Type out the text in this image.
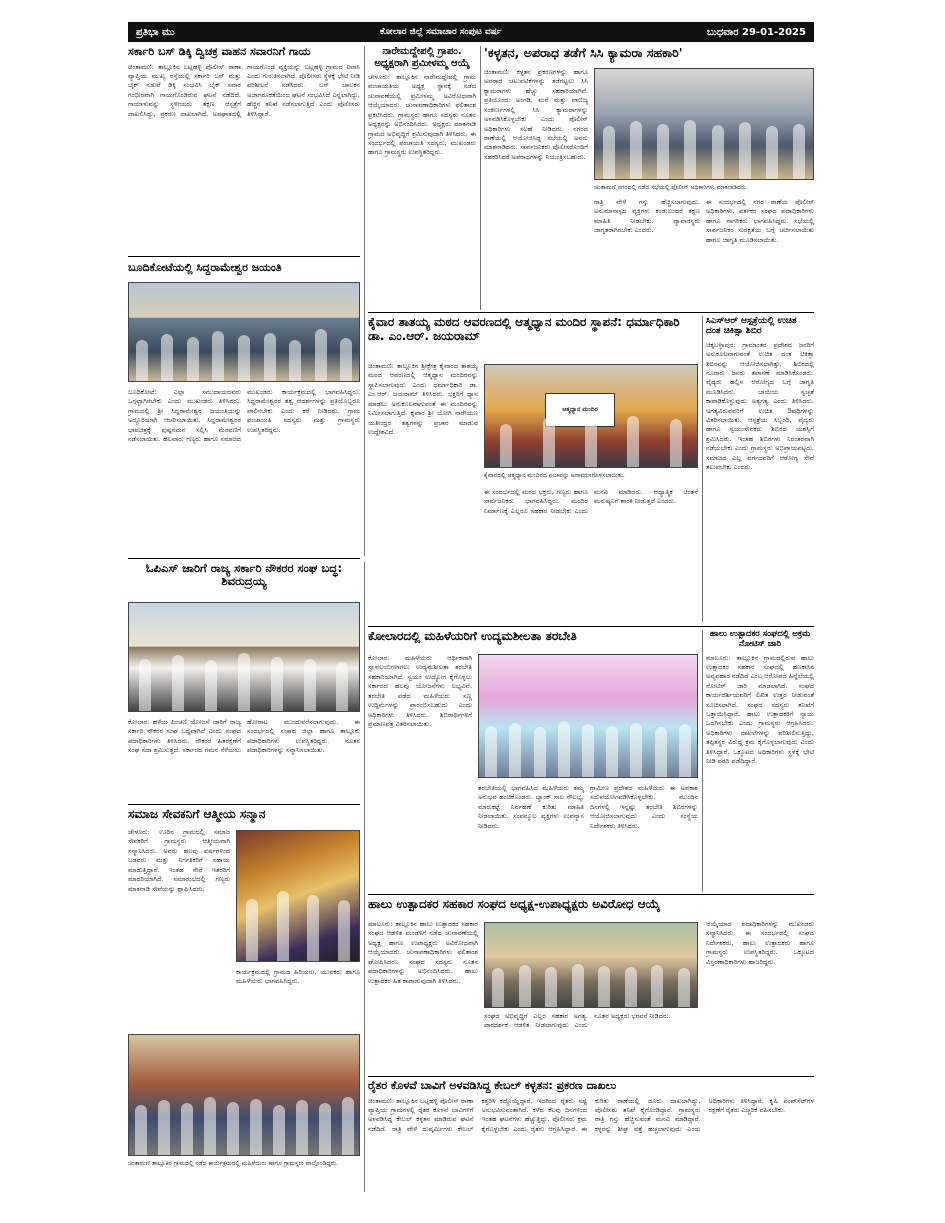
ಪ್ರತಿಭಾ ಮು	ಕೋಲಾರ ಜಿಲ್ಲೆ ಸಮಾಚಾರ ಸಂಪುಟ ವರ್ಷ	ಬುಧವಾರ 29-01-2025
ಸರ್ಕಾರಿ ಬಸ್ ಡಿಕ್ಕಿ ದ್ವಿಚಕ್ರ ವಾಹನ ಸವಾರನಿಗೆ ಗಾಯ
ಚಿಂತಾಮಣಿ: ತಾಲ್ಲೂಕಿನ ಬಟ್ಲಹಳ್ಳಿ ಪೊಲೀಸ್ ಠಾಣಾ ವ್ಯಾಪ್ತಿಯ ಮುಖ್ಯ ರಸ್ತೆಯಲ್ಲಿ ಸರ್ಕಾರಿ ಬಸ್ ಮತ್ತು ಬೈಕ್ ನಡುವೆ ಡಿಕ್ಕಿ ಸಂಭವಿಸಿ ಬೈಕ್ ಸವಾರ ಗಂಭೀರವಾಗಿ ಗಾಯಗೊಂಡಿರುವ ಘಟನೆ ನಡೆದಿದೆ. ಗಾಯಾಳುವನ್ನು ಸ್ಥಳೀಯರು ತಕ್ಷಣ ಆಸ್ಪತ್ರೆಗೆ ದಾಖಲಿಸಿದ್ದು, ಪ್ರಕರಣ ದಾಖಲಾಗಿದೆ. ಅಪಘಾತದಲ್ಲಿ ಗಾಯಗೊಂಡ ವ್ಯಕ್ತಿಯನ್ನು ಬಟ್ಲಹಳ್ಳಿ ಗ್ರಾಮದ ನಿವಾಸಿ ಎಂದು ಗುರುತಿಸಲಾಗಿದೆ. ಪೊಲೀಸರು ಸ್ಥಳಕ್ಕೆ ಭೇಟಿ ನೀಡಿ ಪರಿಶೀಲನೆ ನಡೆಸಿದರು. ಬಸ್ ಚಾಲಕನ ಅಜಾಗರೂಕತೆಯಿಂದ ಘಟನೆ ಸಂಭವಿಸಿದೆ ಎನ್ನಲಾಗಿದ್ದು, ಹೆಚ್ಚಿನ ತನಿಖೆ ನಡೆಸಲಾಗುತ್ತಿದೆ ಎಂದು ಪೊಲೀಸರು ತಿಳಿಸಿದ್ದಾರೆ.
ಬೂದಿಕೋಟೆಯಲ್ಲಿ ಸಿದ್ದರಾಮೇಶ್ವರ ಜಯಂತಿ
ಬೂದಿಕೋಟೆ: ಎಲ್ಲಾ ಸಮುದಾಯದವರು ಒಗ್ಗಟ್ಟಾಗಿರಬೇಕು ಎಂದು ಮುಖಂಡರು ತಿಳಿಸಿದರು. ಗ್ರಾಮದಲ್ಲಿ ಶ್ರೀ ಸಿದ್ದರಾಮೇಶ್ವರ ಜಯಂತಿಯನ್ನು ಅದ್ದೂರಿಯಾಗಿ ಆಚರಿಸಲಾಯಿತು. ಸಿದ್ದರಾಮೇಶ್ವರರ ಭಾವಚಿತ್ರಕ್ಕೆ ಪುಷ್ಪನಮನ ಸಲ್ಲಿಸಿ ಮೆರವಣಿಗೆ ನಡೆಸಲಾಯಿತು. ಹಲವಾರು ಗಣ್ಯರು ಹಾಗೂ ಸಮಾಜದ ಮುಖಂಡರು ಕಾರ್ಯಕ್ರಮದಲ್ಲಿ ಭಾಗವಹಿಸಿದ್ದರು. ಸಿದ್ದರಾಮೇಶ್ವರರ ತತ್ವ ಆದರ್ಶಗಳನ್ನು ಪ್ರತಿಯೊಬ್ಬರೂ ಪಾಲಿಸಬೇಕು ಎಂದು ಕರೆ ನೀಡಿದರು. ಗ್ರಾಮ ಪಂಚಾಯತಿ ಸದಸ್ಯರು ಮತ್ತು ಗ್ರಾಮಸ್ಥರು ಉಪಸ್ಥಿತರಿದ್ದರು.
ಓಪಿಎಸ್ ಜಾರಿಗೆ ರಾಜ್ಯ ಸರ್ಕಾರಿ ನೌಕರರ ಸಂಘ ಬದ್ಧ: ಶಿವರುದ್ರಯ್ಯ
ಕೋಲಾರ: ಹಳೆಯ ಪಿಂಚಣಿ ಯೋಜನೆ ಜಾರಿಗೆ ರಾಜ್ಯ ಸರ್ಕಾರಿ ನೌಕರರ ಸಂಘ ಬದ್ಧವಾಗಿದೆ ಎಂದು ಸಂಘದ ಪದಾಧಿಕಾರಿಗಳು ತಿಳಿಸಿದರು. ನೌಕರರ ಹಿತರಕ್ಷಣೆಗೆ ಸಂಘ ಸದಾ ಶ್ರಮಿಸುತ್ತದೆ. ಸರ್ಕಾರದ ಗಮನ ಸೆಳೆಯಲು ಹೋರಾಟ ಮುಂದುವರೆಸಲಾಗುವುದು. ಈ ಸಂದರ್ಭದಲ್ಲಿ ಸಂಘದ ಜಿಲ್ಲಾ ಹಾಗೂ ತಾಲ್ಲೂಕು ಪದಾಧಿಕಾರಿಗಳು ಉಪಸ್ಥಿತರಿದ್ದರು. ನೂತನ ಪದಾಧಿಕಾರಿಗಳನ್ನು ಸನ್ಮಾನಿಸಲಾಯಿತು.
ಸಮಾಜ ಸೇವಕನಿಗೆ ಆತ್ಮೀಯ ಸನ್ಮಾನ
ಚೇಳೂರು: ಊರಿನ ಗ್ರಾಮದಲ್ಲಿ ಸಮಾಜ ಸೇವಕರಿಗೆ ಗ್ರಾಮಸ್ಥರು ಆತ್ಮೀಯವಾಗಿ ಸನ್ಮಾನಿಸಿದರು. ಅವರು ಹಲವು ವರ್ಷಗಳಿಂದ ಬಡವರು ಮತ್ತು ನಿರ್ಗತಿಕರಿಗೆ ಸಹಾಯ ಮಾಡುತ್ತಿದ್ದಾರೆ. ಇಂತಹ ಸೇವೆ ಇತರರಿಗೆ ಮಾದರಿಯಾಗಿದೆ. ಸಮಾರಂಭದಲ್ಲಿ ಗಣ್ಯರು ಮಾತನಾಡಿ ಸೇವೆಯನ್ನು ಶ್ಲಾಘಿಸಿದರು.
ಕಾರ್ಯಕ್ರಮದಲ್ಲಿ ಗ್ರಾಮದ ಹಿರಿಯರು, ಯುವಕರು ಹಾಗೂ ಮಹಿಳೆಯರು ಭಾಗವಹಿಸಿದ್ದರು.
ಚಿಂತಾಮಣಿ ತಾಲ್ಲೂಕಿನ ಗ್ರಾಮದಲ್ಲಿ ನಡೆದ ಕಾರ್ಯಕ್ರಮದಲ್ಲಿ ಮಹಿಳೆಯರು ಹಾಗೂ ಗ್ರಾಮಸ್ಥರು ಪಾಲ್ಗೊಂಡಿದ್ದರು.
ನಾರೇಮದ್ದೇಪಲ್ಲಿ ಗ್ರಾಪಂ. ಅಧ್ಯಕ್ಷರಾಗಿ ಪ್ರಮೀಳಮ್ಮ ಆಯ್ಕೆ
ಚೇಳೂರು: ತಾಲ್ಲೂಕಿನ ನಾರೇಮದ್ದೇಪಲ್ಲಿ ಗ್ರಾಮ ಪಂಚಾಯತಿಯ ಅಧ್ಯಕ್ಷ ಸ್ಥಾನಕ್ಕೆ ನಡೆದ ಚುನಾವಣೆಯಲ್ಲಿ ಪ್ರಮೀಳಮ್ಮ ಅವಿರೋಧವಾಗಿ ಆಯ್ಕೆಯಾದರು. ಚುನಾವಣಾಧಿಕಾರಿಗಳು ಫಲಿತಾಂಶ ಪ್ರಕಟಿಸಿದರು. ಗ್ರಾಮಸ್ಥರು ಹಾಗೂ ಸದಸ್ಯರು ನೂತನ ಅಧ್ಯಕ್ಷರನ್ನು ಅಭಿನಂದಿಸಿದರು. ಅಧ್ಯಕ್ಷರು ಮಾತನಾಡಿ ಗ್ರಾಮದ ಅಭಿವೃದ್ಧಿಗೆ ಶ್ರಮಿಸುವುದಾಗಿ ತಿಳಿಸಿದರು. ಈ ಸಂದರ್ಭದಲ್ಲಿ ಪಂಚಾಯತಿ ಸದಸ್ಯರು, ಮುಖಂಡರು ಹಾಗೂ ಗ್ರಾಮಸ್ಥರು ಉಪಸ್ಥಿತರಿದ್ದರು.
'ಕಳ್ಳತನ, ಅಪರಾಧ ತಡೆಗೆ ಸಿಸಿ ಕ್ಯಾಮರಾ ಸಹಕಾರಿ'
ಚಿಂತಾಮಣಿ: ಕಳ್ಳತನ ಪ್ರಕರಣಗಳನ್ನು ಹಾಗೂ ಅಪರಾಧ ಚಟುವಟಿಕೆಗಳನ್ನು ತಡೆಗಟ್ಟಲು ಸಿಸಿ ಕ್ಯಾಮರಾಗಳು ಹೆಚ್ಚು ಸಹಕಾರಿಯಾಗಿವೆ. ಪ್ರತಿಯೊಂದು ಅಂಗಡಿ, ಮನೆ ಮತ್ತು ವಾಣಿಜ್ಯ ಸಂಕೀರ್ಣಗಳಲ್ಲಿ ಸಿಸಿ ಕ್ಯಾಮರಾಗಳನ್ನು ಅಳವಡಿಸಿಕೊಳ್ಳಬೇಕು ಎಂದು ಪೊಲೀಸ್ ಅಧಿಕಾರಿಗಳು ಸಲಹೆ ನೀಡಿದರು. ನಗರದ ಠಾಣೆಯಲ್ಲಿ ಆಯೋಜಿಸಿದ್ದ ಸಭೆಯಲ್ಲಿ ಅವರು ಮಾತನಾಡಿದರು. ಸಾರ್ವಜನಿಕರು ಪೊಲೀಸರೊಂದಿಗೆ ಸಹಕರಿಸಿದರೆ ಅಪರಾಧಗಳನ್ನು ನಿಯಂತ್ರಿಸಬಹುದು.
ಚಿಂತಾಮಣಿ ನಗರದಲ್ಲಿ ನಡೆದ ಸಭೆಯಲ್ಲಿ ಪೊಲೀಸ್ ಅಧಿಕಾರಿಗಳು ಮಾತನಾಡಿದರು.
ರಾತ್ರಿ ವೇಳೆ ಗಸ್ತು ಹೆಚ್ಚಿಸಲಾಗುವುದು. ಅನುಮಾನಾಸ್ಪದ ವ್ಯಕ್ತಿಗಳು ಕಂಡುಬಂದರೆ ತಕ್ಷಣ ಮಾಹಿತಿ ನೀಡಬೇಕು. ವ್ಯಾಪಾರಸ್ಥರು ಜಾಗೃತರಾಗಿರಬೇಕು ಎಂದರು.
ಈ ಸಂದರ್ಭದಲ್ಲಿ ನಗರ ಠಾಣೆಯ ಪೊಲೀಸ್ ಅಧಿಕಾರಿಗಳು, ವರ್ತಕರ ಸಂಘದ ಪದಾಧಿಕಾರಿಗಳು ಹಾಗೂ ನಾಗರಿಕರು ಭಾಗವಹಿಸಿದ್ದರು. ಸಭೆಯಲ್ಲಿ ಸಾರ್ವಜನಿಕರ ಸುರಕ್ಷತೆಯ ಬಗ್ಗೆ ಚರ್ಚಿಸಲಾಯಿತು ಹಾಗೂ ಜಾಗೃತಿ ಮೂಡಿಸಲಾಯಿತು.
ಕೈವಾರ ತಾತಯ್ಯ ಮಠದ ಆವರಣದಲ್ಲಿ ಆತ್ಮಧ್ಯಾನ ಮಂದಿರ ಸ್ಥಾಪನೆ: ಧರ್ಮಾಧಿಕಾರಿ ಡಾ. ಎಂ.ಆರ್. ಜಯರಾಮ್
ಚಿಂತಾಮಣಿ: ತಾಲ್ಲೂಕಿನ ಶ್ರೀಕ್ಷೇತ್ರ ಕೈವಾರದ ತಾತಯ್ಯ ಮಠದ ಆವರಣದಲ್ಲಿ ಆತ್ಮಧ್ಯಾನ ಮಂದಿರವನ್ನು ಸ್ಥಾಪಿಸಲಾಗುವುದು ಎಂದು ಧರ್ಮಾಧಿಕಾರಿ ಡಾ. ಎಂ.ಆರ್. ಜಯರಾಮ್ ತಿಳಿಸಿದರು. ಭಕ್ತರಿಗೆ ಧ್ಯಾನ ಮಾಡಲು ಅನುಕೂಲವಾಗುವಂತೆ ಈ ಮಂದಿರವನ್ನು ನಿರ್ಮಿಸಲಾಗುತ್ತಿದೆ. ಕೈವಾರ ಶ್ರೀ ಯೋಗಿ ನಾರೇಯಣ ಯತೀಂದ್ರರ ತತ್ವಗಳನ್ನು ಪ್ರಚಾರ ಮಾಡುವ ಉದ್ದೇಶವಿದೆ.
ಆತ್ಮಧ್ಯಾನ ಮಂದಿರ
ಕೈವಾರದಲ್ಲಿ ಆತ್ಮಧ್ಯಾನ ಮಂದಿರದ ಫಲಕವನ್ನು ಅನಾವರಣಗೊಳಿಸಲಾಯಿತು.
ಈ ಸಂದರ್ಭದಲ್ಲಿ ಮಠದ ಭಕ್ತರು, ಗಣ್ಯರು ಹಾಗೂ ಸಾರ್ವಜನಿಕರು ಭಾಗವಹಿಸಿದ್ದರು. ಮಂದಿರ ನಿರ್ಮಾಣಕ್ಕೆ ಎಲ್ಲರೂ ಸಹಕಾರ ನೀಡಬೇಕು ಎಂದು ಮನವಿ ಮಾಡಿದರು. ಆಧ್ಯಾತ್ಮಿಕ ಚಿಂತನೆ ಮನುಷ್ಯನಿಗೆ ಶಾಂತಿ ನೀಡುತ್ತದೆ ಎಂದರು.
ಸಿಎಸ್ಆರ್ ಆಸ್ಪತ್ರೆಯಲ್ಲಿ ಉಚಿತ ದಂತ ಚಿಕಿತ್ಸಾ ಶಿಬಿರ
ಚಿಕ್ಕಬಳ್ಳಾಪುರ: ಗ್ರಾಮಾಂತರ ಪ್ರದೇಶದ ಜನರಿಗೆ ಅನುಕೂಲವಾಗುವಂತೆ ಉಚಿತ ದಂತ ಚಿಕಿತ್ಸಾ ಶಿಬಿರವನ್ನು ಆಯೋಜಿಸಲಾಗಿತ್ತು. ಶಿಬಿರದಲ್ಲಿ ನೂರಾರು ಜನರು ತಪಾಸಣೆ ಮಾಡಿಸಿಕೊಂಡರು. ವೈದ್ಯರು ಹಲ್ಲಿನ ಆರೋಗ್ಯದ ಬಗ್ಗೆ ಜಾಗೃತಿ ಮೂಡಿಸಿದರು. ಬಾಯಿಯ ಸ್ವಚ್ಛತೆ ಕಾಪಾಡಿಕೊಳ್ಳುವುದು ಅತ್ಯಗತ್ಯ ಎಂದು ತಿಳಿಸಿದರು. ಅಗತ್ಯವಿರುವವರಿಗೆ ಉಚಿತ ಔಷಧಿಗಳನ್ನು ವಿತರಿಸಲಾಯಿತು. ಆಸ್ಪತ್ರೆಯ ಸಿಬ್ಬಂದಿ, ವೈದ್ಯರು ಹಾಗೂ ಸ್ವಯಂಸೇವಕರು ಶಿಬಿರದ ಯಶಸ್ಸಿಗೆ ಶ್ರಮಿಸಿದರು. ಇಂತಹ ಶಿಬಿರಗಳು ನಿರಂತರವಾಗಿ ನಡೆಯಬೇಕು ಎಂದು ಗ್ರಾಮಸ್ಥರು ಅಭಿಪ್ರಾಯಪಟ್ಟರು. ಸಮಾಜದ ಎಲ್ಲ ವರ್ಗದವರಿಗೆ ಆರೋಗ್ಯ ಸೇವೆ ತಲುಪಬೇಕು ಎಂದರು.
ಕೋಲಾರದಲ್ಲಿ ಮಹಿಳೆಯರಿಗೆ ಉದ್ಯಮಶೀಲತಾ ತರಬೇತಿ
ಕೋಲಾರ: ಮಹಿಳೆಯರು ಆರ್ಥಿಕವಾಗಿ ಸ್ವಾವಲಂಬಿಗಳಾಗಲು ಉದ್ಯಮಶೀಲತಾ ತರಬೇತಿ ಸಹಕಾರಿಯಾಗಿದೆ. ಸ್ವಯಂ ಉದ್ಯೋಗ ಕೈಗೊಳ್ಳಲು ಸರ್ಕಾರದ ಹಲವು ಯೋಜನೆಗಳು ಲಭ್ಯವಿವೆ. ತರಬೇತಿ ಪಡೆದ ಮಹಿಳೆಯರು ಸಣ್ಣ ಉದ್ದಿಮೆಗಳನ್ನು ಪ್ರಾರಂಭಿಸಬಹುದು ಎಂದು ಅಧಿಕಾರಿಗಳು ತಿಳಿಸಿದರು. ಶಿಬಿರಾರ್ಥಿಗಳಿಗೆ ಪ್ರಮಾಣಪತ್ರ ವಿತರಿಸಲಾಯಿತು.
ತರಬೇತಿಯಲ್ಲಿ ಭಾಗವಹಿಸಿದ ಮಹಿಳೆಯರು ತಮ್ಮ ಅನುಭವ ಹಂಚಿಕೊಂಡರು. ಬ್ಯಾಂಕ್ ಸಾಲ ಸೌಲಭ್ಯ, ಮಾರುಕಟ್ಟೆ ನಿರ್ವಹಣೆ ಕುರಿತು ಮಾಹಿತಿ ನೀಡಲಾಯಿತು. ಸಂಪನ್ಮೂಲ ವ್ಯಕ್ತಿಗಳು ಉಪನ್ಯಾಸ ನೀಡಿದರು.
ಗ್ರಾಮೀಣ ಪ್ರದೇಶದ ಮಹಿಳೆಯರು ಈ ಅವಕಾಶ ಸದುಪಯೋಗಪಡಿಸಿಕೊಳ್ಳಬೇಕು. ಮುಂದಿನ ದಿನಗಳಲ್ಲಿ ಇನ್ನಷ್ಟು ತರಬೇತಿ ಶಿಬಿರಗಳನ್ನು ಆಯೋಜಿಸಲಾಗುವುದು ಎಂದು ಸಂಸ್ಥೆಯ ನಿರ್ದೇಶಕರು ತಿಳಿಸಿದರು.
ಹಾಲು ಉತ್ಪಾದಕರ ಸಂಘದಲ್ಲಿ ಅಕ್ರಮ ನೋಟಿಸ್ ಜಾರಿ
ಮಾಲೂರು: ತಾಲ್ಲೂಕಿನ ಗ್ರಾಮದಲ್ಲಿರುವ ಹಾಲು ಉತ್ಪಾದಕರ ಸಹಕಾರ ಸಂಘದಲ್ಲಿ ಹಣಕಾಸಿನ ಅವ್ಯವಹಾರ ನಡೆದಿದೆ ಎಂಬ ಆರೋಪದ ಹಿನ್ನೆಲೆಯಲ್ಲಿ ನೋಟಿಸ್ ಜಾರಿ ಮಾಡಲಾಗಿದೆ. ಸಂಘದ ಕಾರ್ಯದರ್ಶಿಯವರಿಗೆ ಲಿಖಿತ ಉತ್ತರ ನೀಡುವಂತೆ ಸೂಚಿಸಲಾಗಿದೆ. ಸಂಘದ ಸದಸ್ಯರು ತನಿಖೆಗೆ ಒತ್ತಾಯಿಸಿದ್ದಾರೆ. ಹಾಲು ಉತ್ಪಾದಕರಿಗೆ ನ್ಯಾಯ ಒದಗಿಸಬೇಕು ಎಂದು ಗ್ರಾಮಸ್ಥರು ಆಗ್ರಹಿಸಿದರು. ಅಧಿಕಾರಿಗಳು ದಾಖಲೆಗಳನ್ನು ಪರಿಶೀಲಿಸುತ್ತಿದ್ದು, ತಪ್ಪಿತಸ್ಥರ ವಿರುದ್ಧ ಕ್ರಮ ಕೈಗೊಳ್ಳಲಾಗುವುದು ಎಂದು ತಿಳಿಸಿದ್ದಾರೆ. ಒಕ್ಕೂಟದ ಅಧಿಕಾರಿಗಳು ಸ್ಥಳಕ್ಕೆ ಭೇಟಿ ನೀಡಿ ವರದಿ ಪಡೆದಿದ್ದಾರೆ.
ಹಾಲು ಉತ್ಪಾದಕರ ಸಹಕಾರ ಸಂಘದ ಅಧ್ಯಕ್ಷ-ಉಪಾಧ್ಯಕ್ಷರು ಅವಿರೋಧ ಆಯ್ಕೆ
ಮಾಲೂರು: ತಾಲ್ಲೂಕಿನ ಹಾಲು ಉತ್ಪಾದಕರ ಸಹಕಾರ ಸಂಘದ ಆಡಳಿತ ಮಂಡಳಿಗೆ ನಡೆದ ಚುನಾವಣೆಯಲ್ಲಿ ಅಧ್ಯಕ್ಷ ಹಾಗೂ ಉಪಾಧ್ಯಕ್ಷರು ಅವಿರೋಧವಾಗಿ ಆಯ್ಕೆಯಾದರು. ಚುನಾವಣಾಧಿಕಾರಿಗಳು ಫಲಿತಾಂಶ ಘೋಷಿಸಿದರು. ಸಂಘದ ಸದಸ್ಯರು ನೂತನ ಪದಾಧಿಕಾರಿಗಳನ್ನು ಅಭಿನಂದಿಸಿದರು. ಹಾಲು ಉತ್ಪಾದಕರ ಹಿತ ಕಾಪಾಡುವುದಾಗಿ ತಿಳಿಸಿದರು.
ಸಂಘದ ಅಭಿವೃದ್ಧಿಗೆ ಎಲ್ಲರ ಸಹಕಾರ ಅಗತ್ಯ. ಪಾರದರ್ಶಕ ಆಡಳಿತ ನೀಡಲಾಗುವುದು ಎಂದು ನೂತನ ಅಧ್ಯಕ್ಷರು ಭರವಸೆ ನೀಡಿದರು.
ಆಯ್ಕೆಯಾದ ಪದಾಧಿಕಾರಿಗಳನ್ನು ಮುಖಂಡರು ಸನ್ಮಾನಿಸಿದರು. ಈ ಸಂದರ್ಭದಲ್ಲಿ ಸಂಘದ ನಿರ್ದೇಶಕರು, ಹಾಲು ಉತ್ಪಾದಕರು ಹಾಗೂ ಗ್ರಾಮಸ್ಥರು ಉಪಸ್ಥಿತರಿದ್ದರು. ಒಕ್ಕೂಟದ ವಿಸ್ತರಣಾಧಿಕಾರಿಗಳು ಹಾಜರಿದ್ದರು.
ರೈತರ ಕೊಳವೆ ಬಾವಿಗೆ ಅಳವಡಿಸಿದ್ದ ಕೇಬಲ್ ಕಳ್ಳತನ: ಪ್ರಕರಣ ದಾಖಲು
ಚಿಂತಾಮಣಿ: ತಾಲ್ಲೂಕಿನ ಬಟ್ಲಹಳ್ಳಿ ಪೊಲೀಸ್ ಠಾಣಾ ವ್ಯಾಪ್ತಿಯ ಗ್ರಾಮಗಳಲ್ಲಿ ರೈತರ ಕೊಳವೆ ಬಾವಿಗಳಿಗೆ ಅಳವಡಿಸಿದ್ದ ಕೇಬಲ್ ಕಳ್ಳತನ ಮಾಡಿರುವ ಘಟನೆ ನಡೆದಿದೆ. ರಾತ್ರಿ ವೇಳೆ ದುಷ್ಕರ್ಮಿಗಳು ಕೇಬಲ್ ಕತ್ತರಿಸಿ ಕದ್ದೊಯ್ದಿದ್ದಾರೆ. ಇದರಿಂದ ರೈತರು ನಷ್ಟ ಅನುಭವಿಸುವಂತಾಗಿದೆ. ಕಳೆದ ಕೆಲವು ದಿನಗಳಿಂದ ಇಂತಹ ಘಟನೆಗಳು ಹೆಚ್ಚುತ್ತಿದ್ದು, ಪೊಲೀಸರು ಕ್ರಮ ಕೈಗೊಳ್ಳಬೇಕು ಎಂದು ರೈತರು ಆಗ್ರಹಿಸಿದ್ದಾರೆ. ಈ ಕುರಿತು ಠಾಣೆಯಲ್ಲಿ ದೂರು ದಾಖಲಾಗಿದ್ದು, ಪೊಲೀಸರು ತನಿಖೆ ಕೈಗೊಂಡಿದ್ದಾರೆ. ಗ್ರಾಮಸ್ಥರು ರಾತ್ರಿ ಗಸ್ತು ಹೆಚ್ಚಿಸುವಂತೆ ಮನವಿ ಮಾಡಿದ್ದಾರೆ. ಕಳ್ಳರನ್ನು ಶೀಘ್ರ ಪತ್ತೆ ಹಚ್ಚಲಾಗುವುದು ಎಂದು ಅಧಿಕಾರಿಗಳು ತಿಳಿಸಿದ್ದಾರೆ. ಕೃಷಿ ಪಂಪ್‌ಸೆಟ್‌ಗಳ ರಕ್ಷಣೆಗೆ ರೈತರು ಎಚ್ಚರಿಕೆ ವಹಿಸಬೇಕು.
